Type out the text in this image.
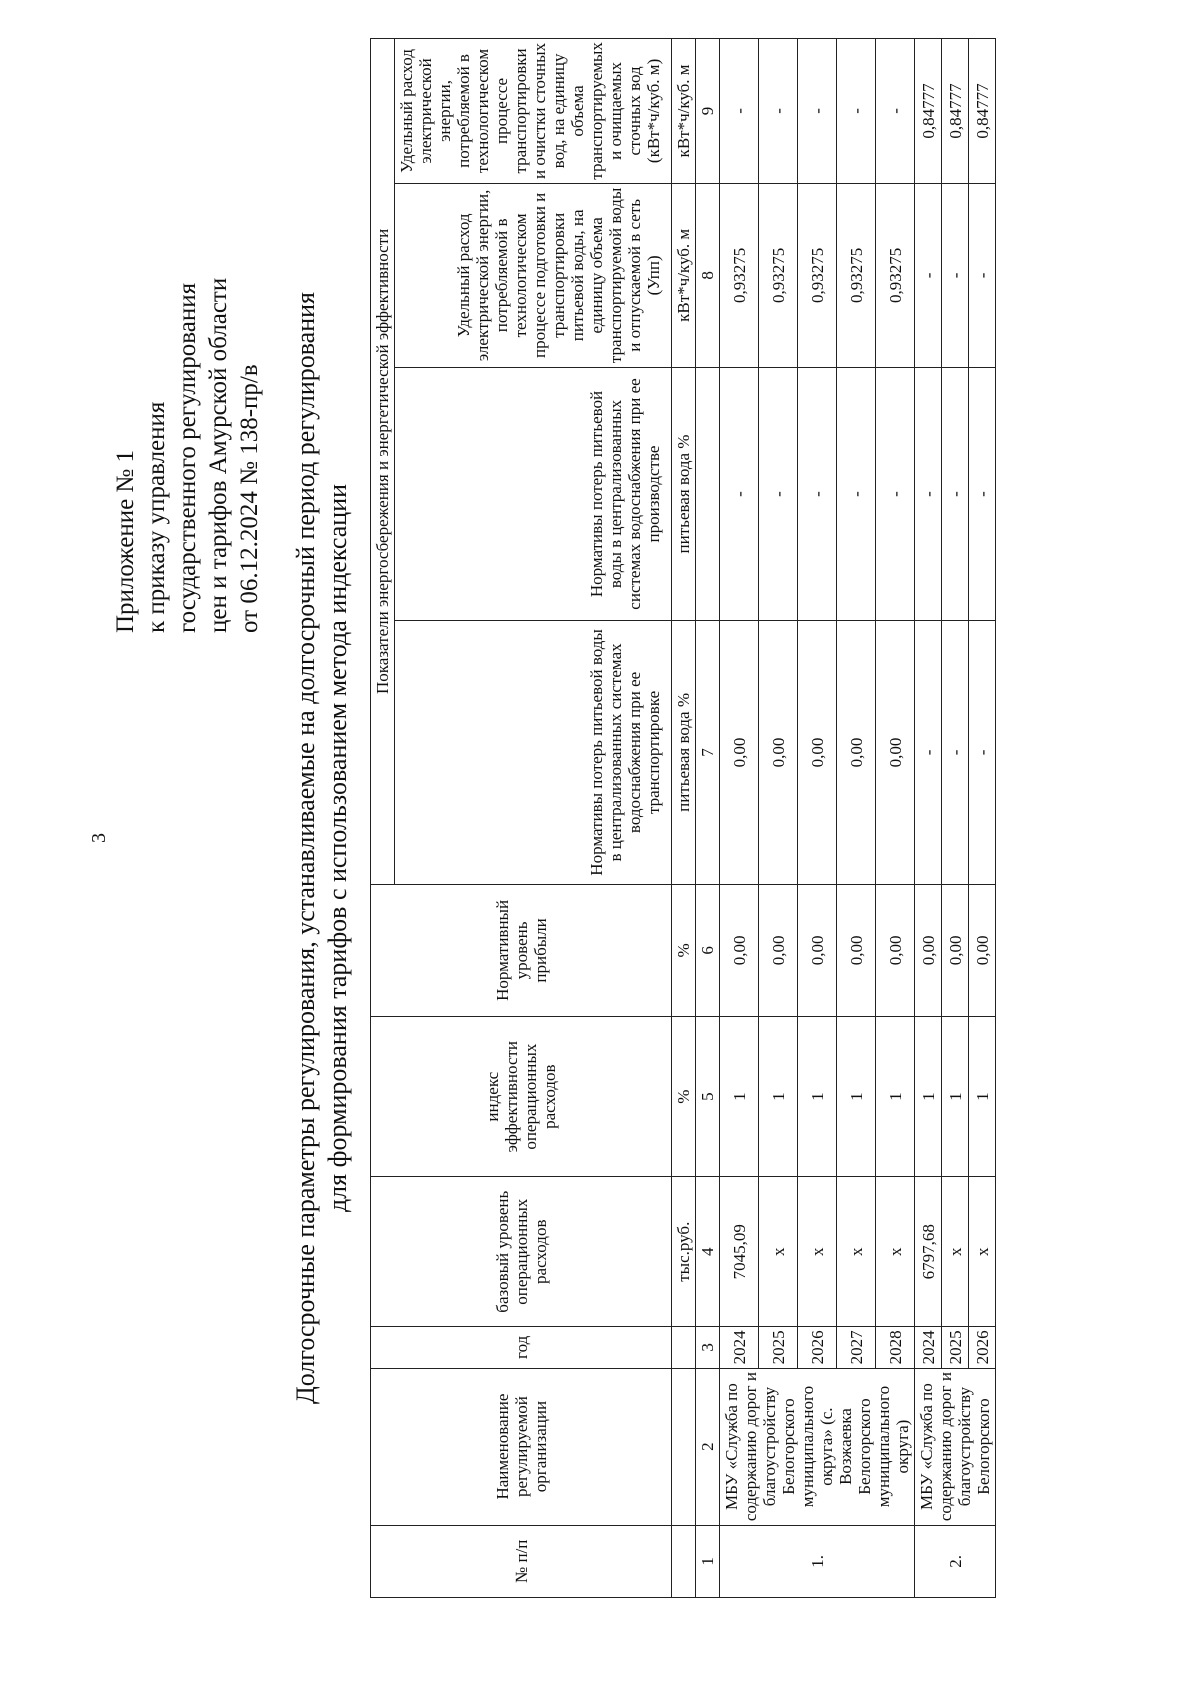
3
Приложение № 1 к приказу управления государственного регулирования цен и тарифов Амурской области от 06.12.2024 № 138-пр/в Долгосрочные параметры регулирования, устанавливаемые на долгосрочный период регулирования для формирования тарифов с использованием метода индексации
№ п/п	Наименование регулируемой организации	год	базовый уровень операционных расходов	индекс эффективности операционных расходов	Нормативный уровень прибыли	Показатели энергосбережения и энергетической эффективности			
						Нормативы потерь питьевой воды в централизованных системах водоснабжения при ее транспортировке	Нормативы потерь питьевой воды в централизованных системах водоснабжения при ее производстве	Удельный расход электрической энергии, потребляемой в технологическом процессе подготовки и транспортировки питьевой воды, на единицу объема транспортируемой воды и отпускаемой в сеть (Упп)	Удельный расход электрической энергии, потребляемой в технологическом процессе транспортировки и очистки сточных вод, на единицу объема транспортируемых и очищаемых сточных вод (кВт*ч/куб. м)
			тыс.руб.	%	%	питьевая вода %	питьевая вода %	кВт*ч/куб. м	кВт*ч/куб. м
1	2	3	4	5	6	7		8	9
1.	МБУ «Служба по содержанию дорог и благоустройству Белогорского муниципального округа» (с. Возжаевка Белогорского муниципального округа)	2024	7045,09	1	0,00	0,00	-	0,93275	-
		2025	х	1	0,00	0,00	-	0,93275	-
		2026	х	1	0,00	0,00	-	0,93275	-
		2027	х	1	0,00	0,00	-	0,93275	-
		2028	х	1	0,00	0,00	-	0,93275	-
2.	МБУ «Служба по содержанию дорог и благоустройству Белогорского	2024	6797,68	1	0,00	-	-	-	0,84777
		2025	х	1	0,00	-	-	-	0,84777
		2026	х	1	0,00	-	-	-	0,84777
